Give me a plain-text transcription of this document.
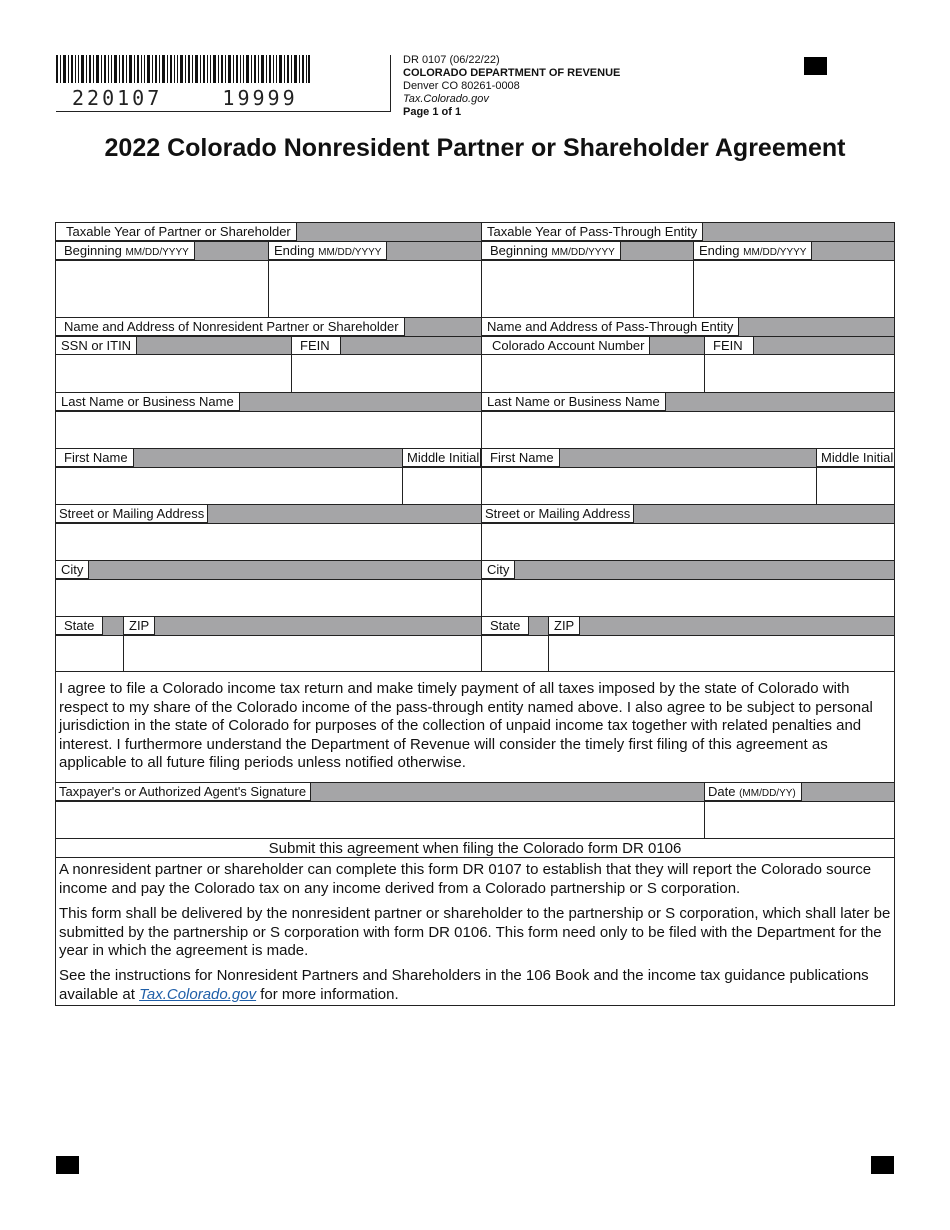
220107    19999
DR 0107 (06/22/22)
COLORADO DEPARTMENT OF REVENUE
Denver CO 80261-0008
Tax.Colorado.gov
Page 1 of 1
2022 Colorado Nonresident Partner or Shareholder Agreement
Taxable Year of Partner or Shareholder	Taxable Year of Pass-Through Entity
Beginning MM/DD/YYYY	Ending MM/DD/YYYY	Beginning MM/DD/YYYY	Ending MM/DD/YYYY
Name and Address of Nonresident Partner or Shareholder	Name and Address of Pass-Through Entity
SSN or ITIN	FEIN	Colorado Account Number	FEIN
Last Name or Business Name	Last Name or Business Name
First Name	Middle Initial First Name	Middle Initial
Street or Mailing Address	Street or Mailing Address
City	City
State	ZIP	State	ZIP
I agree to file a Colorado income tax return and make timely payment of all taxes imposed by the state of Colorado with respect to my share of the Colorado income of the pass-through entity named above. I also agree to be subject to personal jurisdiction in the state of Colorado for purposes of the collection of unpaid income tax together with related penalties and interest. I furthermore understand the Department of Revenue will consider the timely first filing of this agreement as applicable to all future filing periods unless notified otherwise.
Taxpayer's or Authorized Agent's Signature	Date (MM/DD/YY)
Submit this agreement when filing the Colorado form DR 0106
A nonresident partner or shareholder can complete this form DR 0107 to establish that they will report the Colorado source income and pay the Colorado tax on any income derived from a Colorado partnership or S corporation.
This form shall be delivered by the nonresident partner or shareholder to the partnership or S corporation, which shall later be submitted by the partnership or S corporation with form DR 0106. This form need only to be filed with the Department for the year in which the agreement is made.
See the instructions for Nonresident Partners and Shareholders in the 106 Book and the income tax guidance publications available at Tax.Colorado.gov for more information.
